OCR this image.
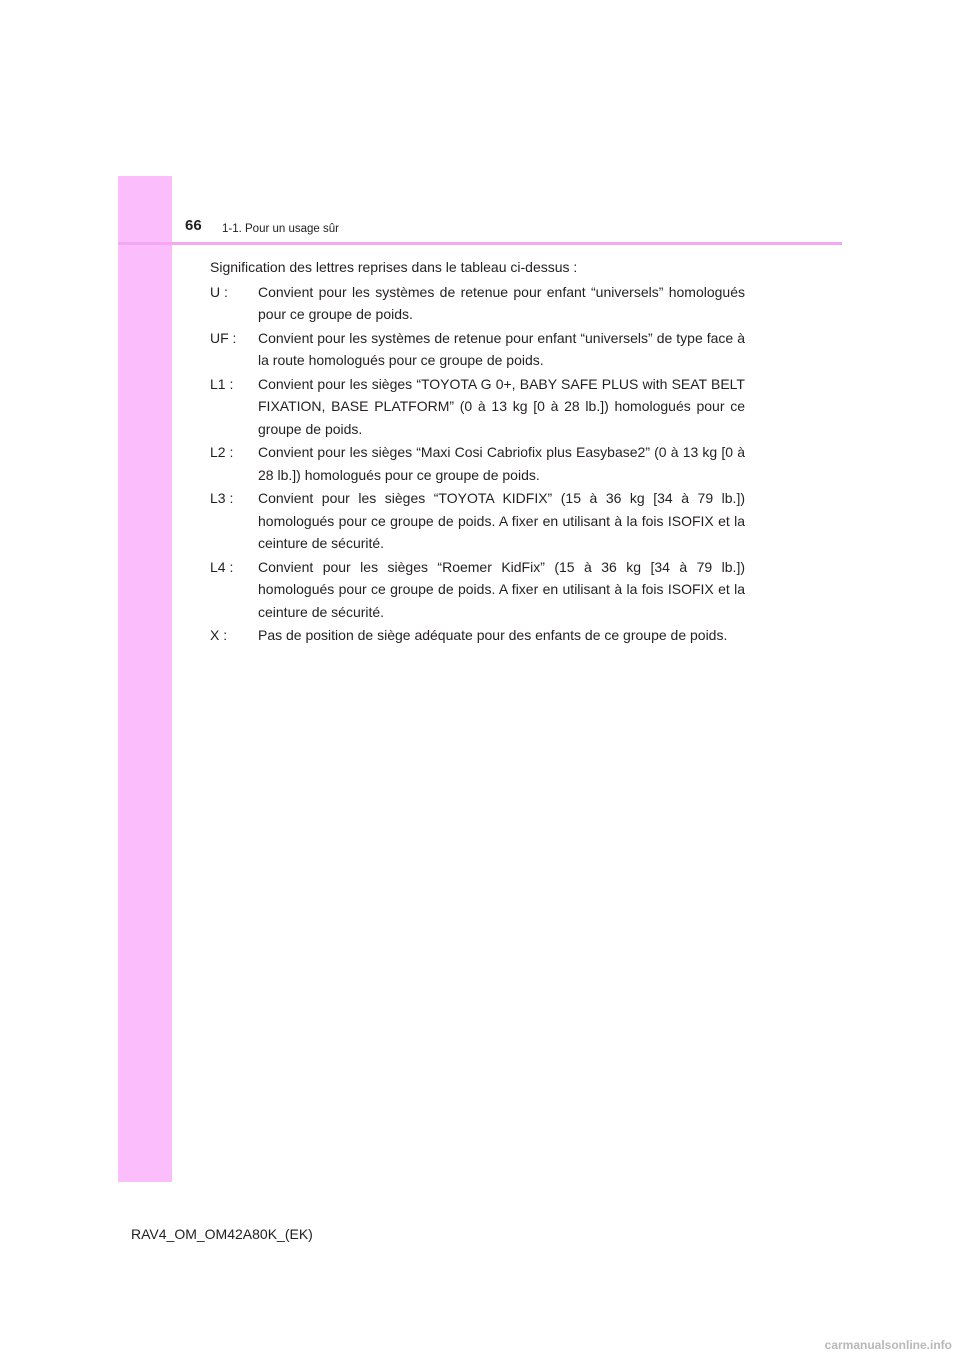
66 1-1. Pour un usage sûr
Signification des lettres reprises dans le tableau ci-dessus :
U :	Convient pour les systèmes de retenue pour enfant “universels” homologués pour ce groupe de poids.
UF :	Convient pour les systèmes de retenue pour enfant “universels” de type face à la route homologués pour ce groupe de poids.
L1 :	Convient pour les sièges “TOYOTA G 0+, BABY SAFE PLUS with SEAT BELT FIXATION, BASE PLATFORM” (0 à 13 kg [0 à 28 lb.]) homologués pour ce groupe de poids.
L2 :	Convient pour les sièges “Maxi Cosi Cabriofix plus Easybase2” (0 à 13 kg [0 à 28 lb.]) homologués pour ce groupe de poids.
L3 :	Convient pour les sièges “TOYOTA KIDFIX” (15 à 36 kg [34 à 79 lb.]) homologués pour ce groupe de poids. A fixer en utilisant à la fois ISOFIX et la ceinture de sécurité.
L4 :	Convient pour les sièges “Roemer KidFix” (15 à 36 kg [34 à 79 lb.]) homologués pour ce groupe de poids. A fixer en utilisant à la fois ISOFIX et la ceinture de sécurité.
X :	Pas de position de siège adéquate pour des enfants de ce groupe de poids.
RAV4_OM_OM42A80K_(EK)
carmanualsonline.info
